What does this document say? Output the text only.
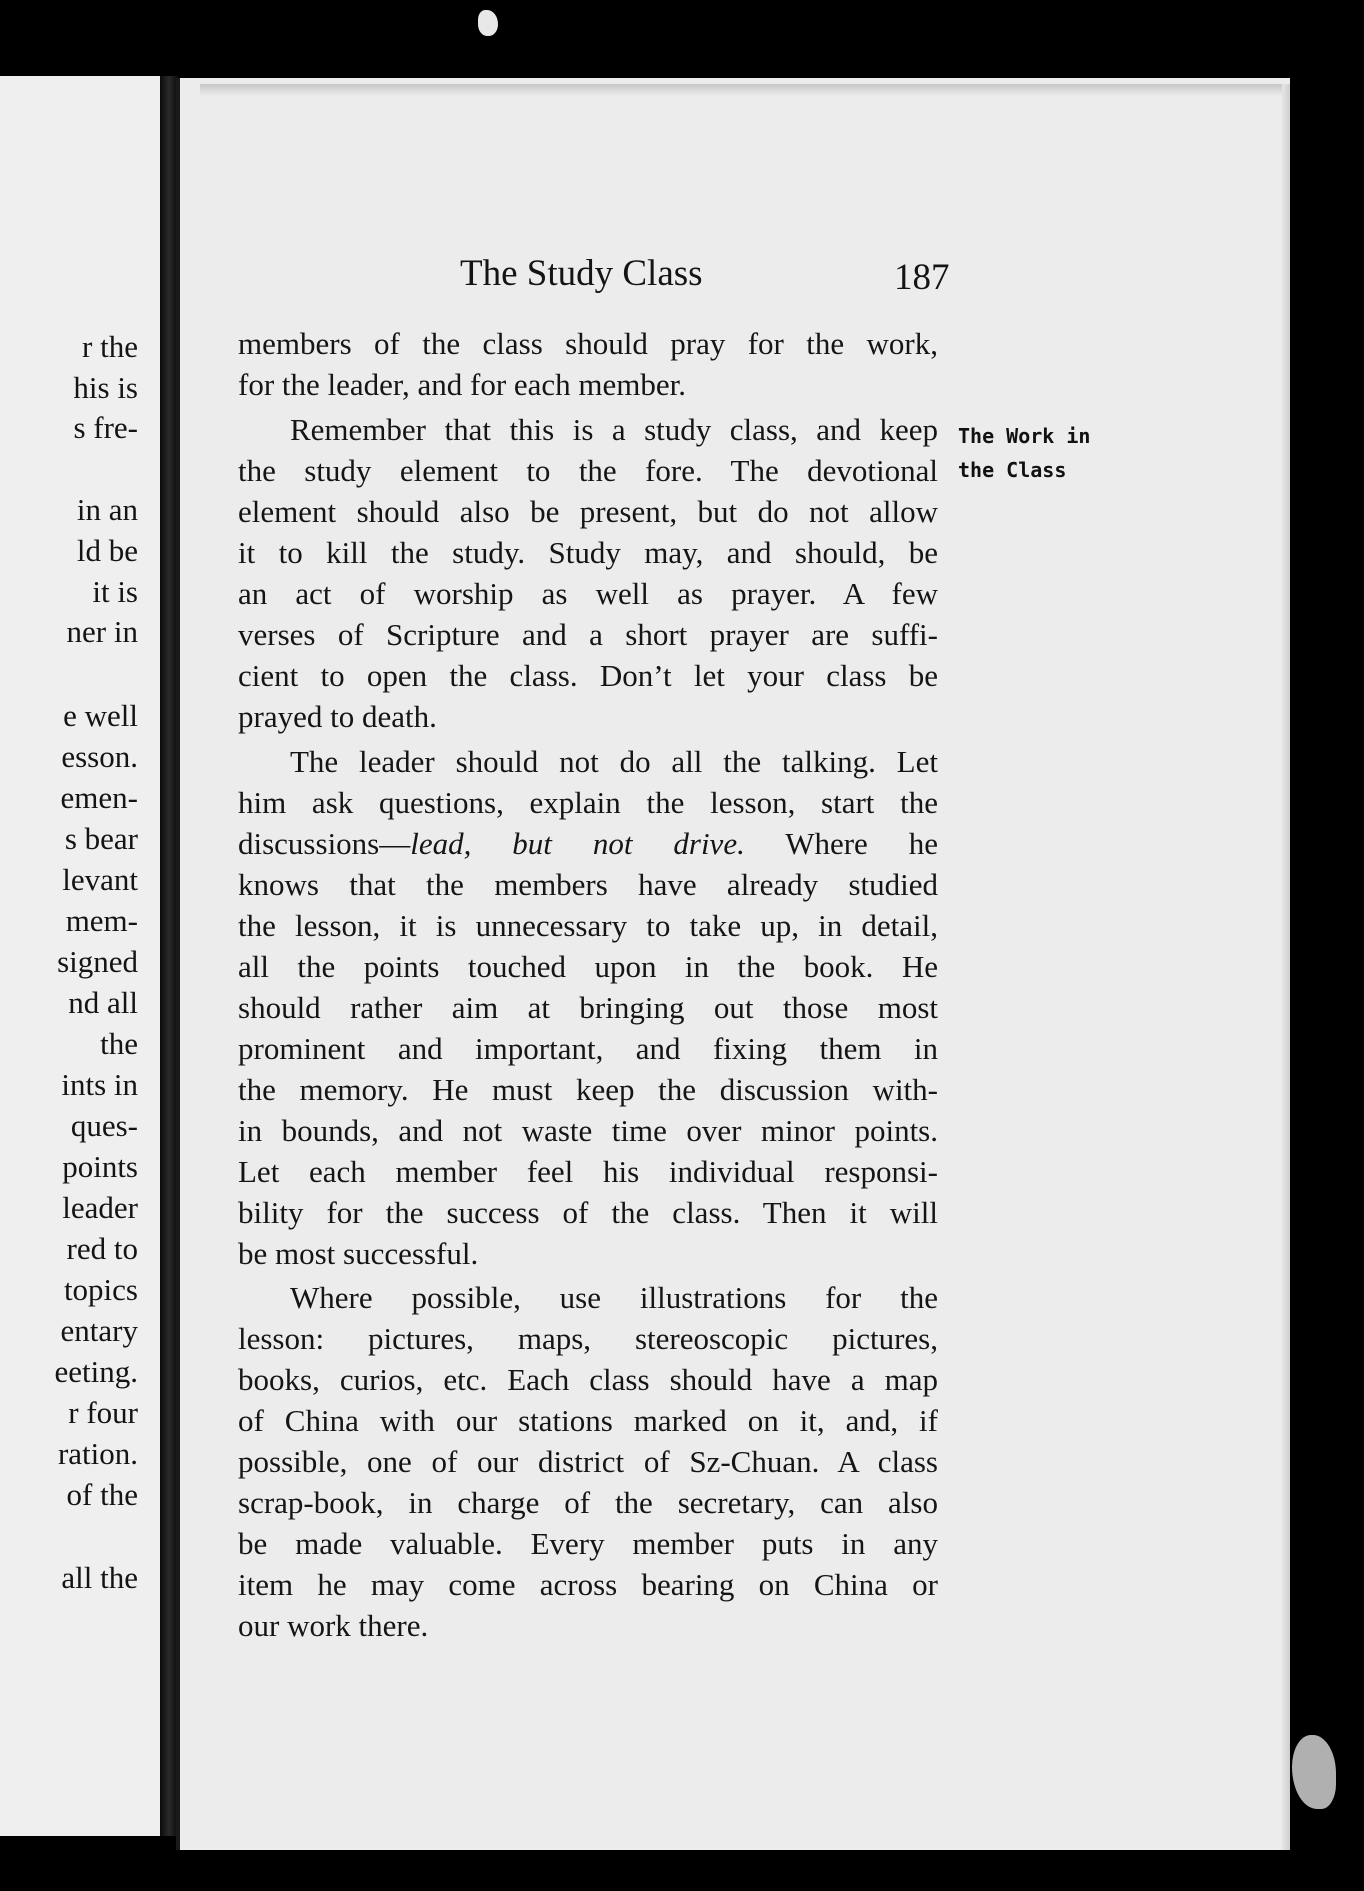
r the
his is
s fre-
in an
ld be
it is
ner in
e well
esson.
emen-
s bear
levant
mem-
signed
nd all
the
ints in
ques-
points
leader
red to
topics
entary
eeting.
r four
ration.
of the
all the
The Study Class	187
The Work in
the Class
members of the class should pray for the work,
for the leader, and for each member.
Remember that this is a study class, and keep
the study element to the fore. The devotional
element should also be present, but do not allow
it to kill the study. Study may, and should, be
an act of worship as well as prayer. A few
verses of Scripture and a short prayer are suffi-
cient to open the class. Don’t let your class be
prayed to death.
The leader should not do all the talking. Let
him ask questions, explain the lesson, start the
discussions—lead, but not drive. Where he
knows that the members have already studied
the lesson, it is unnecessary to take up, in detail,
all the points touched upon in the book. He
should rather aim at bringing out those most
prominent and important, and fixing them in
the memory. He must keep the discussion with-
in bounds, and not waste time over minor points.
Let each member feel his individual responsi-
bility for the success of the class. Then it will
be most successful.
Where possible, use illustrations for the
lesson: pictures, maps, stereoscopic pictures,
books, curios, etc. Each class should have a map
of China with our stations marked on it, and, if
possible, one of our district of Sz-Chuan. A class
scrap-book, in charge of the secretary, can also
be made valuable. Every member puts in any
item he may come across bearing on China or
our work there.
